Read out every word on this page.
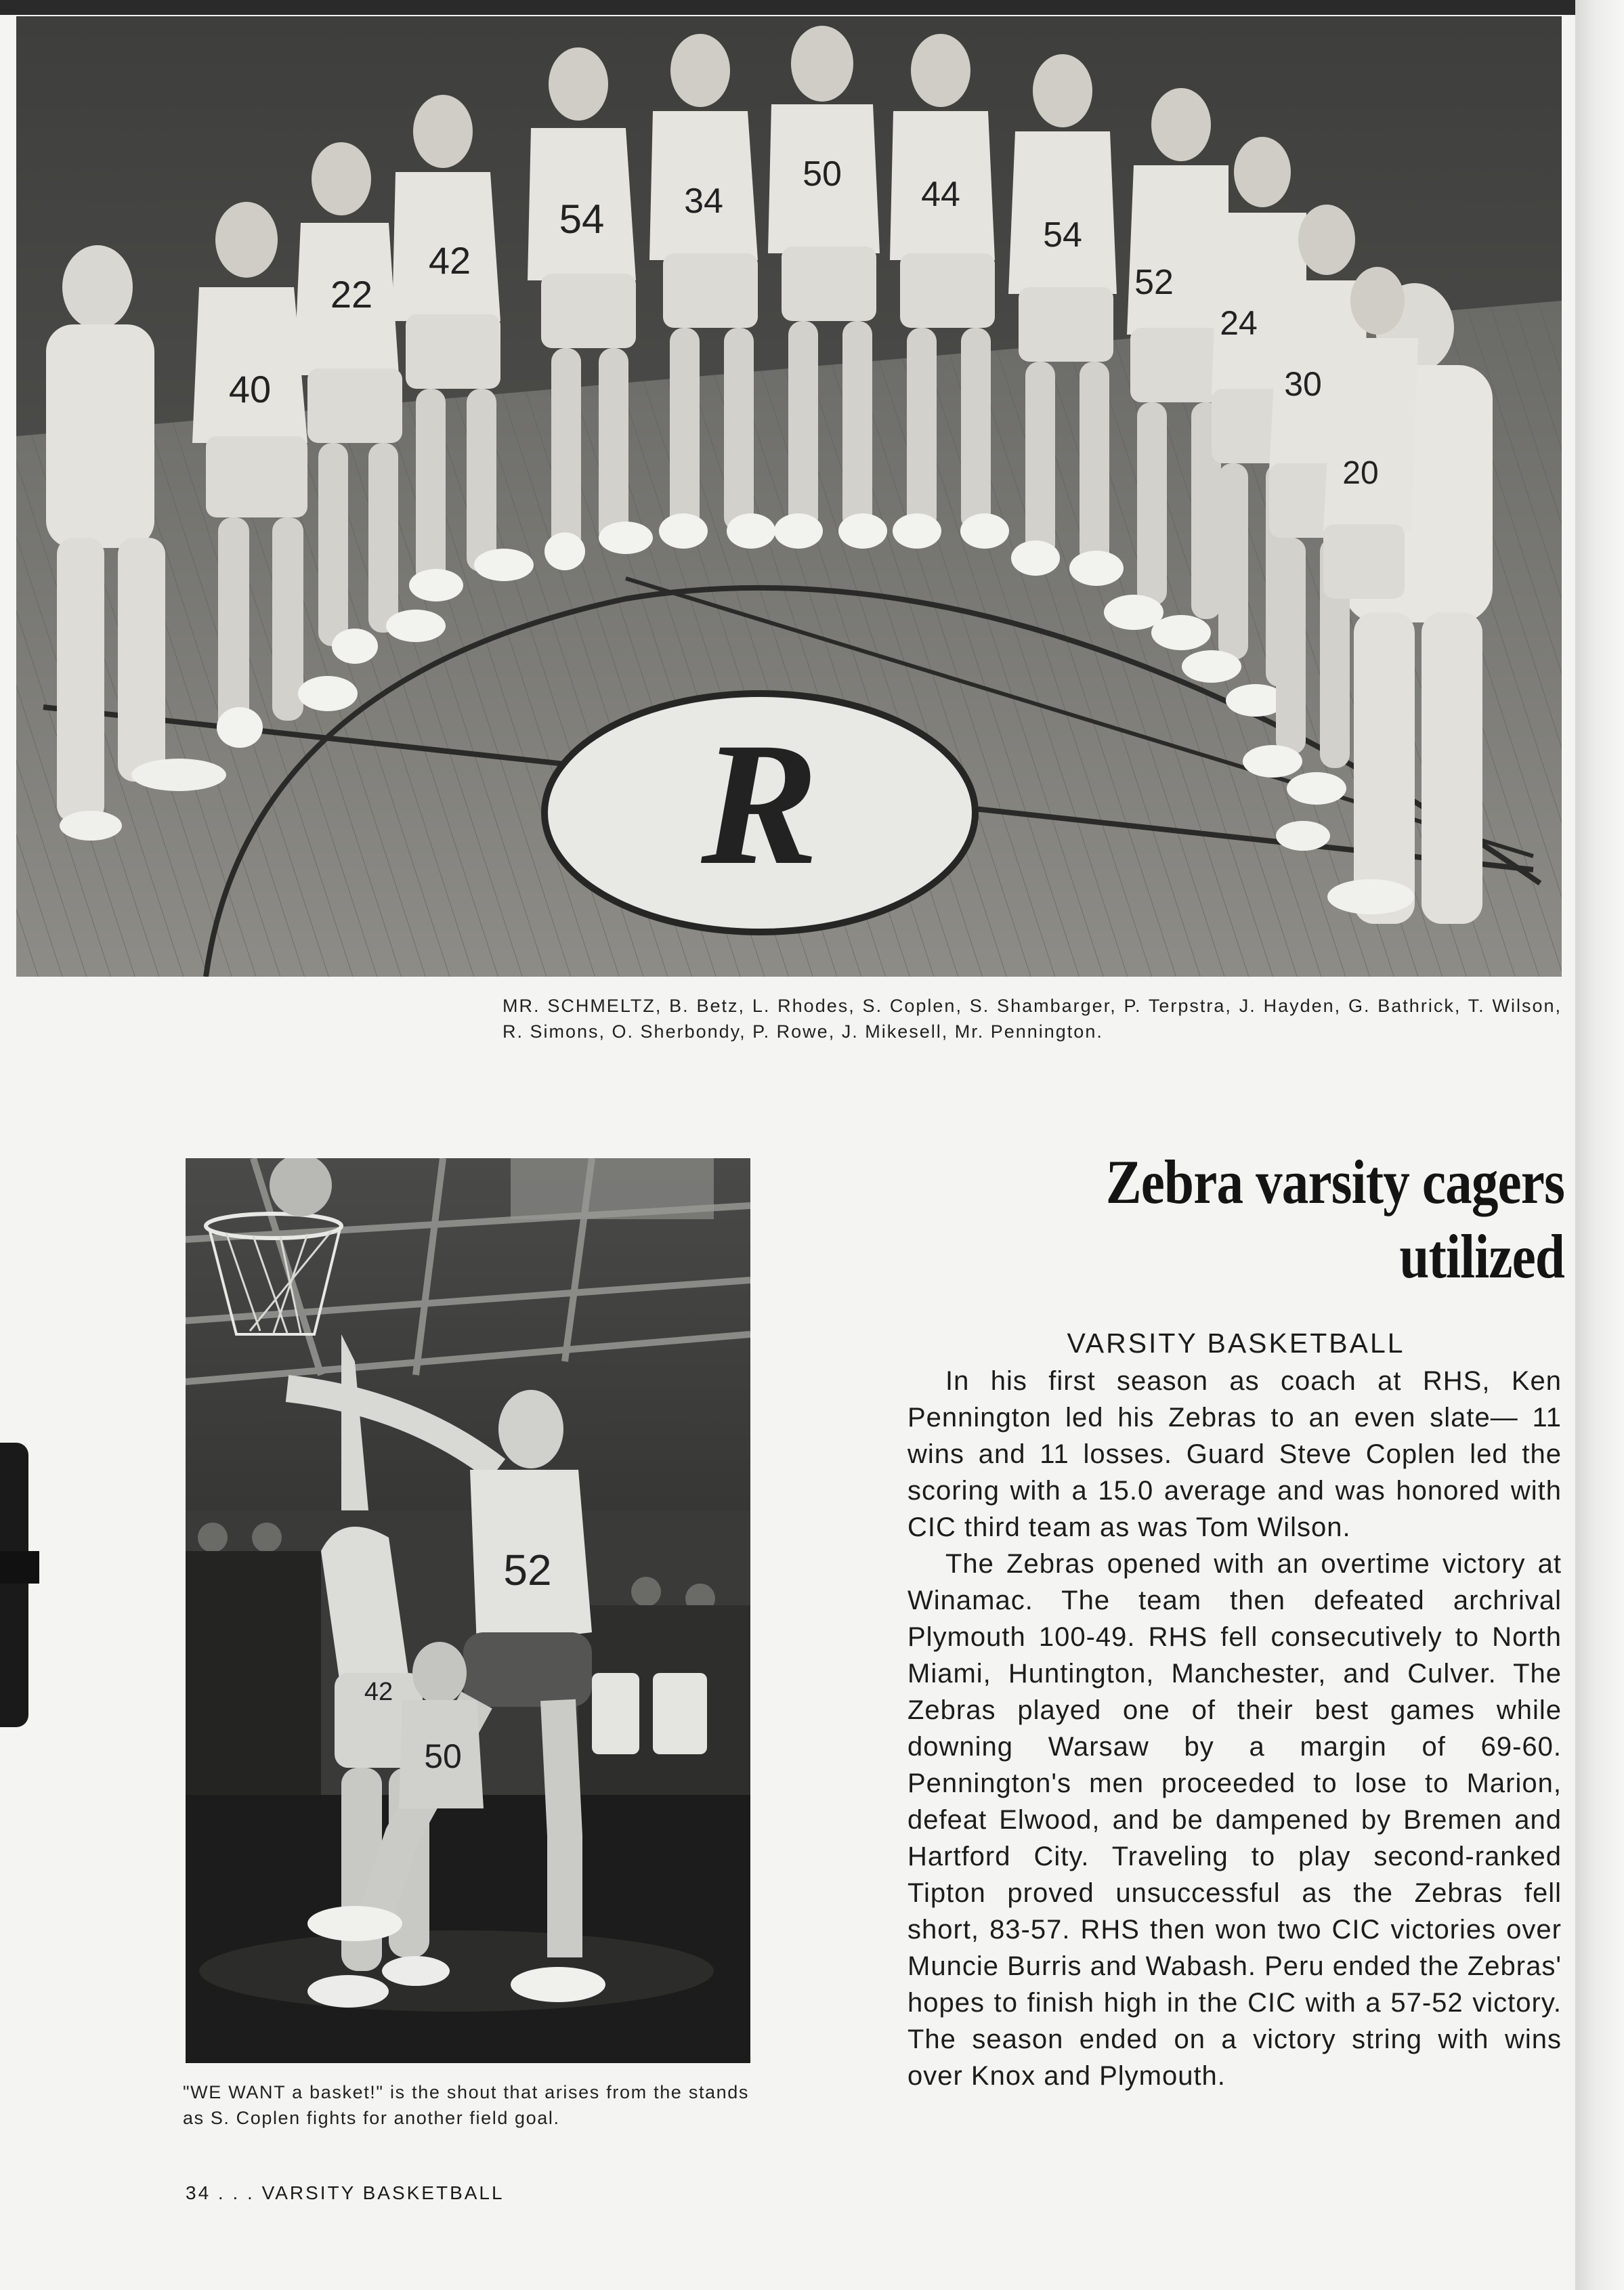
R
40
22
42
54 34
50
44
54
52
24
30
20
MR. SCHMELTZ, B. Betz, L. Rhodes, S. Coplen, S. Shambarger, P. Terpstra, J. Hayden, G. Bathrick, T. Wilson, R. Simons, O. Sherbondy, P. Rowe, J. Mikesell, Mr. Pennington.
42
52
50
"WE WANT a basket!" is the shout that arises from the stands as S. Coplen fights for another field goal.
Zebra varsity cagers utilized
VARSITY BASKETBALL

In his first season as coach at RHS, Ken Pennington led his Zebras to an even slate— 11 wins and 11 losses. Guard Steve Coplen led the scoring with a 15.0 average and was honored with CIC third team as was Tom Wilson.

The Zebras opened with an overtime victory at Winamac. The team then defeated archrival Plymouth 100-49. RHS fell consecutively to North Miami, Huntington, Manchester, and Culver. The Zebras played one of their best games while downing Warsaw by a margin of 69-60. Pennington's men proceeded to lose to Marion, defeat Elwood, and be dampened by Bremen and Hartford City. Traveling to play second-ranked Tipton proved unsuccessful as the Zebras fell short, 83-57. RHS then won two CIC victories over Muncie Burris and Wabash. Peru ended the Zebras' hopes to finish high in the CIC with a 57-52 victory. The season ended on a victory string with wins over Knox and Plymouth.

34 . . . VARSITY BASKETBALL
